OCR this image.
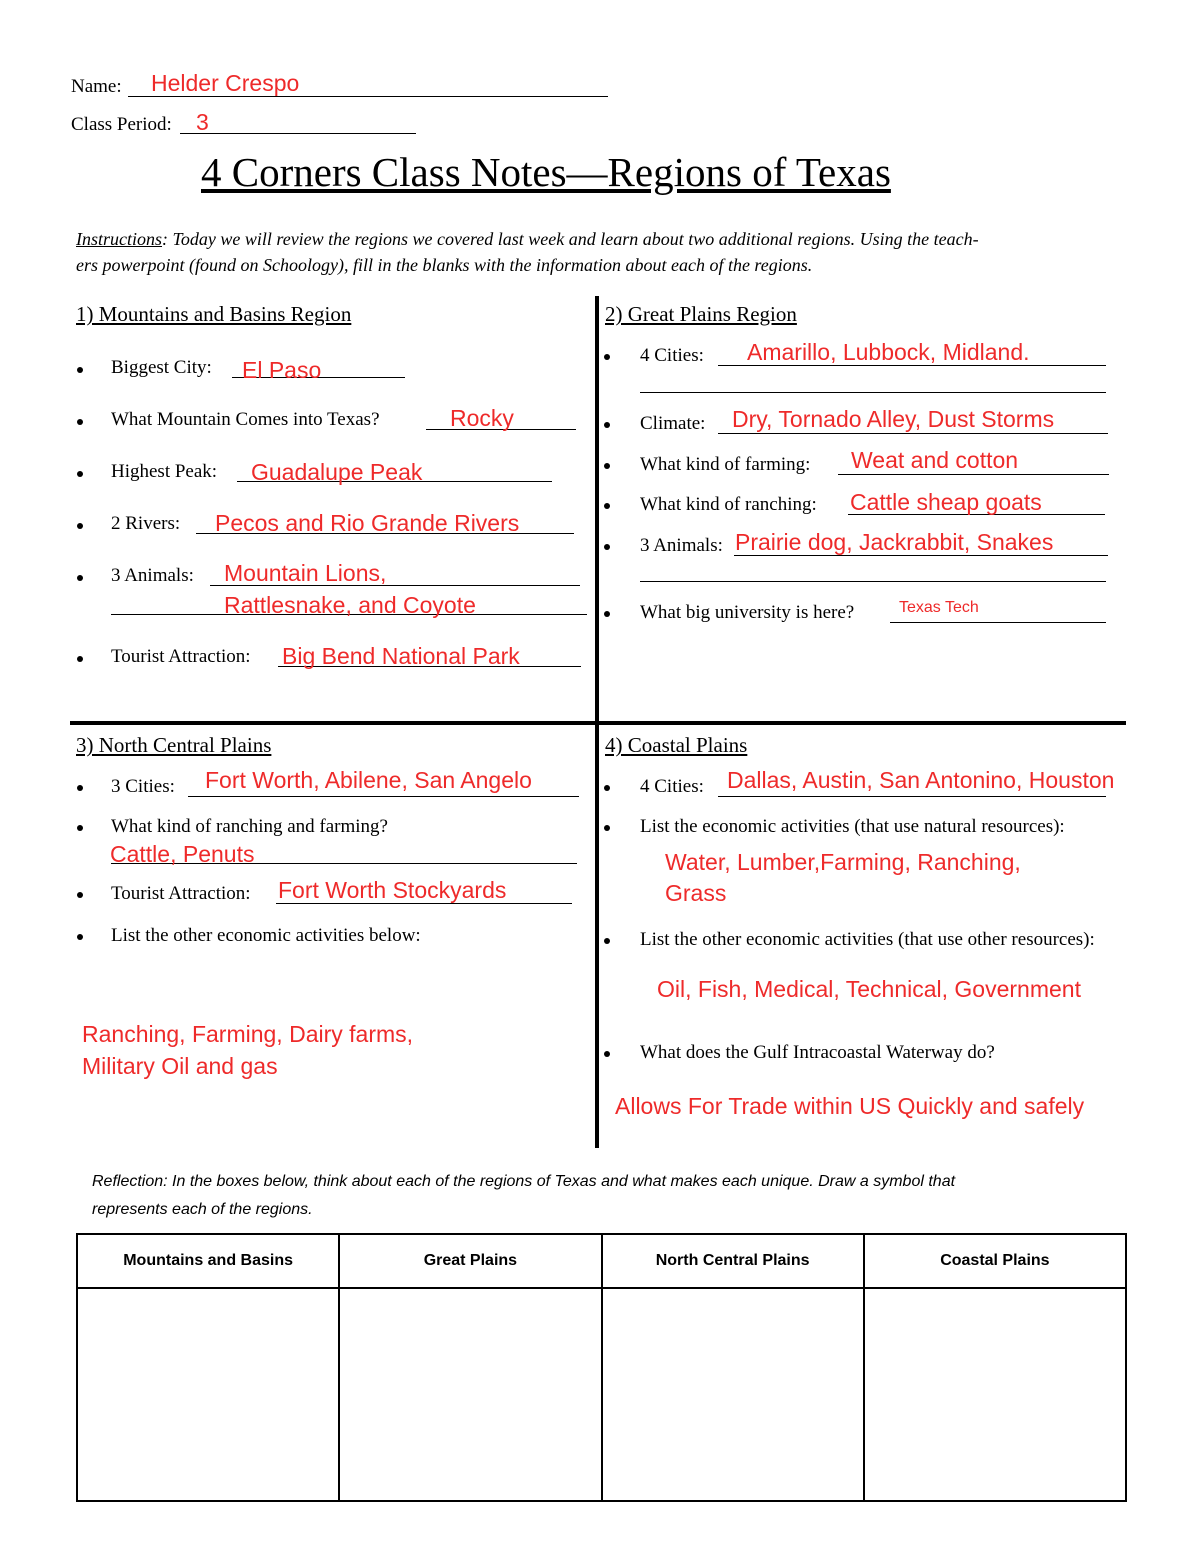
Name: Helder Crespo
Class Period: 3
4 Corners Class Notes—Regions of Texas
Instructions: Today we will review the regions we covered last week and learn about two additional regions. Using the teach-
ers powerpoint (found on Schoology), fill in the blanks with the information about each of the regions.
1) Mountains and Basins Region
Biggest City: El Paso
What Mountain Comes into Texas?	Rocky
Highest Peak: Guadalupe Peak
2 Rivers: Pecos and Rio Grande Rivers
3 Animals: Mountain Lions,
Rattlesnake, and Coyote
Tourist Attraction: Big Bend National Park
2) Great Plains Region
4 Cities: Amarillo, Lubbock, Midland.
Climate: Dry, Tornado Alley, Dust Storms
What kind of farming: Weat and cotton
What kind of ranching: Cattle sheap goats
3 Animals: Prairie dog, Jackrabbit, Snakes
What big university is here?	Texas Tech
3) North Central Plains
3 Cities: Fort Worth, Abilene, San Angelo
What kind of ranching and farming?
Cattle, Penuts
Tourist Attraction: Fort Worth Stockyards
List the other economic activities below:
Ranching, Farming, Dairy farms,
Military Oil and gas
4) Coastal Plains
4 Cities: Dallas, Austin, San Antonino, Houston
List the economic activities (that use natural resources):
Water, Lumber,Farming, Ranching,
Grass
List the other economic activities (that use other resources):
Oil, Fish, Medical, Technical, Government
What does the Gulf Intracoastal Waterway do?
Allows For Trade within US Quickly and safely
Reflection: In the boxes below, think about each of the regions of Texas and what makes each unique. Draw a symbol that
represents each of the regions.
Mountains and Basins	Great Plains	North Central Plains	Coastal Plains
